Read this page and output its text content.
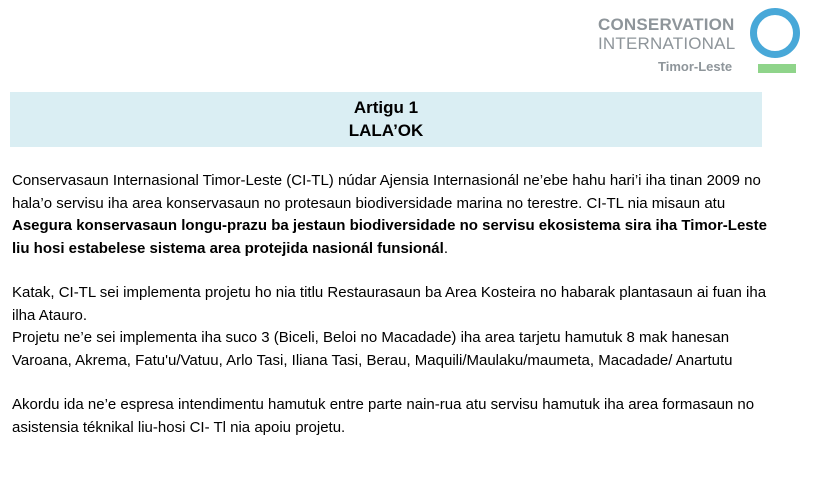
CONSERVATION
INTERNATIONAL
Timor-Leste
Artigu 1
LALA’OK

Conservasaun Internasional Timor-Leste (CI-TL) núdar Ajensia Internasionál ne’ebe hahu hari’i iha tinan 2009 no hala’o servisu iha area konservasaun no protesaun biodiversidade marina no terestre. CI-TL nia misaun atu Asegura konservasaun longu-prazu ba jestaun biodiversidade no servisu ekosistema sira iha Timor-Leste liu hosi estabelese sistema area protejida nasionál funsionál.

Katak, CI-TL sei implementa projetu ho nia titlu Restaurasaun ba Area Kosteira no habarak plantasaun ai fuan iha ilha Atauro.

Projetu ne’e sei implementa iha suco 3 (Biceli, Beloi no Macadade) iha area tarjetu hamutuk 8 mak hanesan Varoana, Akrema, Fatu'u/Vatuu, Arlo Tasi, Iliana Tasi, Berau, Maquili/Maulaku/maumeta, Macadade/ Anartutu

Akordu ida ne’e espresa intendimentu hamutuk entre parte nain-rua atu servisu hamutuk iha area formasaun no asistensia téknikal liu-hosi CI- Tl nia apoiu projetu.
